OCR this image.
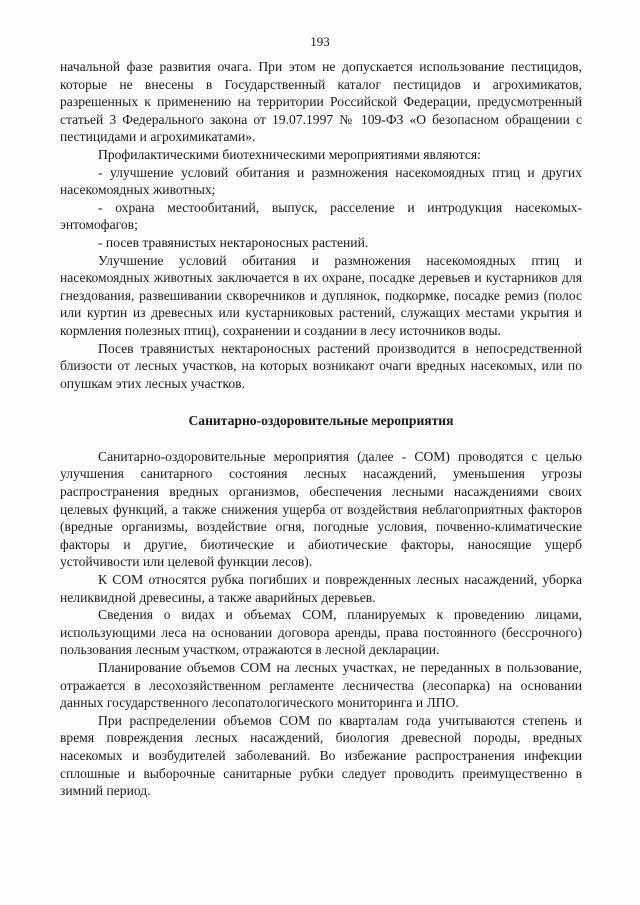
193

начальной фазе развития очага. При этом не допускается использование пестицидов, которые не внесены в Государственный каталог пестицидов и агрохимикатов, разрешенных к применению на территории Российской Федерации, предусмотренный статьей 3 Федерального закона от 19.07.1997 № 109-ФЗ «О безопасном обращении с пестицидами и агрохимикатами».

Профилактическими биотехническими мероприятиями являются:

- улучшение условий обитания и размножения насекомоядных птиц и других насекомоядных животных;

- охрана местообитаний, выпуск, расселение и интродукция насекомых-энтомофагов;

- посев травянистых нектароносных растений.

Улучшение условий обитания и размножения насекомоядных птиц и насекомоядных животных заключается в их охране, посадке деревьев и кустарников для гнездования, развешивании скворечников и дуплянок, подкормке, посадке ремиз (полос или куртин из древесных или кустарниковых растений, служащих местами укрытия и кормления полезных птиц), сохранении и создании в лесу источников воды.

Посев травянистых нектароносных растений производится в непосредственной близости от лесных участков, на которых возникают очаги вредных насекомых, или по опушкам этих лесных участков.

Санитарно-оздоровительные мероприятия

Санитарно-оздоровительные мероприятия (далее - СОМ) проводятся с целью улучшения санитарного состояния лесных насаждений, уменьшения угрозы распространения вредных организмов, обеспечения лесными насаждениями своих целевых функций, а также снижения ущерба от воздействия неблагоприятных факторов (вредные организмы, воздействие огня, погодные условия, почвенно-климатические факторы и другие, биотические и абиотические факторы, наносящие ущерб устойчивости или целевой функции лесов).

К СОМ относятся рубка погибших и поврежденных лесных насаждений, уборка неликвидной древесины, а также аварийных деревьев.

Сведения о видах и объемах СОМ, планируемых к проведению лицами, использующими леса на основании договора аренды, права постоянного (бессрочного) пользования лесным участком, отражаются в лесной декларации.

Планирование объемов СОМ на лесных участках, не переданных в пользование, отражается в лесохозяйственном регламенте лесничества (лесопарка) на основании данных государственного лесопатологического мониторинга и ЛПО.

При распределении объемов СОМ по кварталам года учитываются степень и время повреждения лесных насаждений, биология древесной породы, вредных насекомых и возбудителей заболеваний. Во избежание распространения инфекции сплошные и выборочные санитарные рубки следует проводить преимущественно в зимний период.
